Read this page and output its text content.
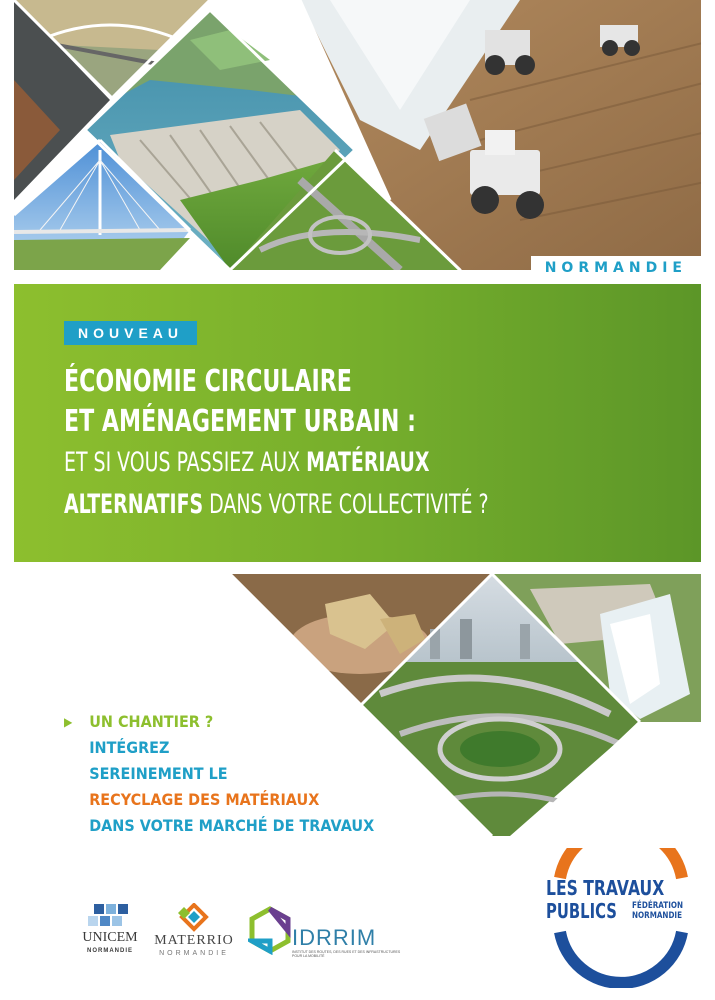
NORMANDIE
NOUVEAU
ÉCONOMIE CIRCULAIRE
ET AMÉNAGEMENT URBAIN :
ET SI VOUS PASSIEZ AUX MATÉRIAUX
ALTERNATIFS DANS VOTRE COLLECTIVITÉ ?
▶	UN CHANTIER ?
INTÉGREZ
SEREINEMENT LE
RECYCLAGE DES MATÉRIAUX
DANS VOTRE MARCHÉ DE TRAVAUX
UNICEM
NORMANDIE
MATERRIO
NORMANDIE
IDRRIM
INSTITUT DES ROUTES, DES RUES ET DES INFRASTRUCTURES POUR LA MOBILITÉ
LES TRAVAUX
PUBLICS FÉDÉRATION
NORMANDIE
